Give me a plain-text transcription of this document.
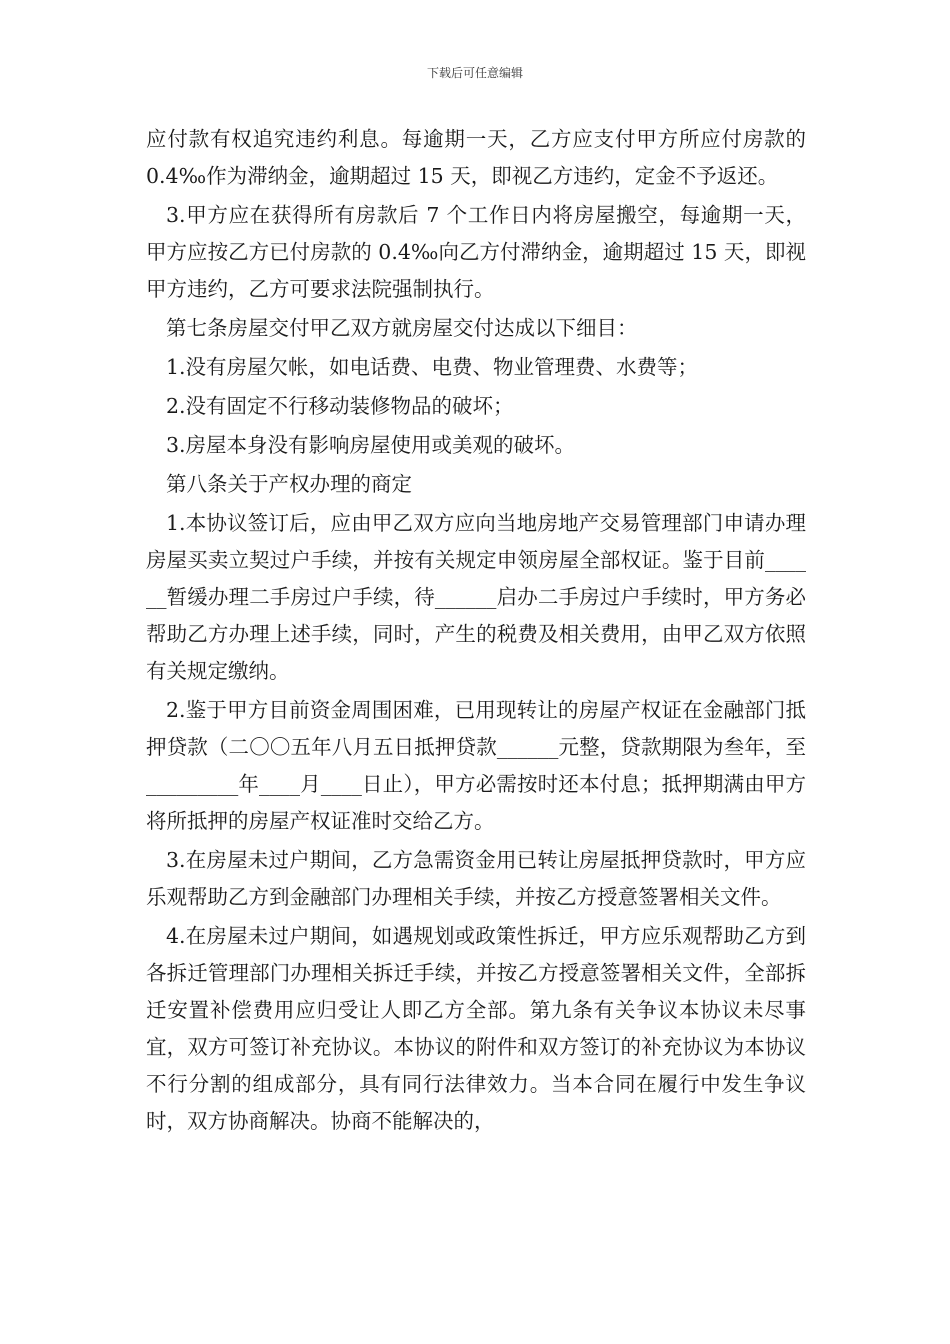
下载后可任意编辑

应付款有权追究违约利息。每逾期一天，乙方应支付甲方所应付房款的 0.4‰作为滞纳金，逾期超过 15 天，即视乙方违约，定金不予返还。

3.甲方应在获得所有房款后 7 个工作日内将房屋搬空，每逾期一天，甲方应按乙方已付房款的 0.4‰向乙方付滞纳金，逾期超过 15 天，即视甲方违约，乙方可要求法院强制执行。

第七条房屋交付甲乙双方就房屋交付达成以下细目：

1.没有房屋欠帐，如电话费、电费、物业管理费、水费等；

2.没有固定不行移动装修物品的破坏；

3.房屋本身没有影响房屋使用或美观的破坏。

第八条关于产权办理的商定

1.本协议签订后，应由甲乙双方应向当地房地产交易管理部门申请办理房屋买卖立契过户手续，并按有关规定申领房屋全部权证。鉴于目前______暂缓办理二手房过户手续，待______启办二手房过户手续时，甲方务必帮助乙方办理上述手续，同时，产生的税费及相关费用，由甲乙双方依照有关规定缴纳。

2.鉴于甲方目前资金周围困难，已用现转让的房屋产权证在金融部门抵押贷款（二〇〇五年八月五日抵押贷款______元整，贷款期限为叁年，至_________年____月____日止），甲方必需按时还本付息；抵押期满由甲方将所抵押的房屋产权证准时交给乙方。

3.在房屋未过户期间，乙方急需资金用已转让房屋抵押贷款时，甲方应乐观帮助乙方到金融部门办理相关手续，并按乙方授意签署相关文件。

4.在房屋未过户期间，如遇规划或政策性拆迁，甲方应乐观帮助乙方到各拆迁管理部门办理相关拆迁手续，并按乙方授意签署相关文件，全部拆迁安置补偿费用应归受让人即乙方全部。第九条有关争议本协议未尽事宜，双方可签订补充协议。本协议的附件和双方签订的补充协议为本协议不行分割的组成部分，具有同行法律效力。当本合同在履行中发生争议时，双方协商解决。协商不能解决的，
